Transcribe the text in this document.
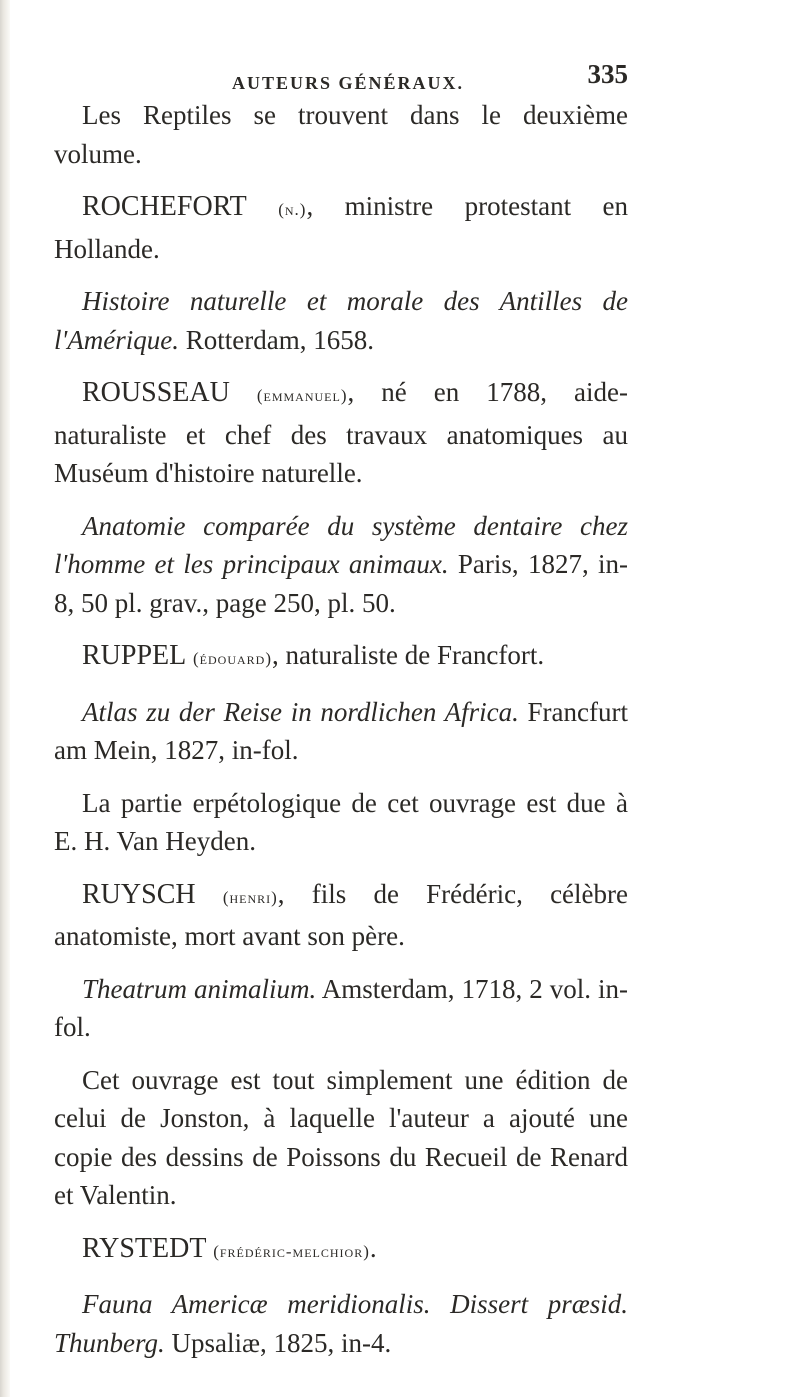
AUTEURS GÉNÉRAUX.	335

Les Reptiles se trouvent dans le deuxième volume.

ROCHEFORT (n.), ministre protestant en Hollande.

Histoire naturelle et morale des Antilles de l'Amérique. Rotterdam, 1658.

ROUSSEAU (emmanuel), né en 1788, aide-naturaliste et chef des travaux anatomiques au Muséum d'histoire naturelle.

Anatomie comparée du système dentaire chez l'homme et les principaux animaux. Paris, 1827, in-8, 50 pl. grav., page 250, pl. 50.

RUPPEL (édouard), naturaliste de Francfort.

Atlas zu der Reise in nordlichen Africa. Francfurt am Mein, 1827, in-fol.

La partie erpétologique de cet ouvrage est due à E. H. Van Heyden.

RUYSCH (henri), fils de Frédéric, célèbre anatomiste, mort avant son père.

Theatrum animalium. Amsterdam, 1718, 2 vol. in-fol.

Cet ouvrage est tout simplement une édition de celui de Jonston, à laquelle l'auteur a ajouté une copie des dessins de Poissons du Recueil de Renard et Valentin.

RYSTEDT (frédéric-melchior).

Fauna Americæ meridionalis. Dissert præsid. Thunberg. Upsaliæ, 1825, in-4.
